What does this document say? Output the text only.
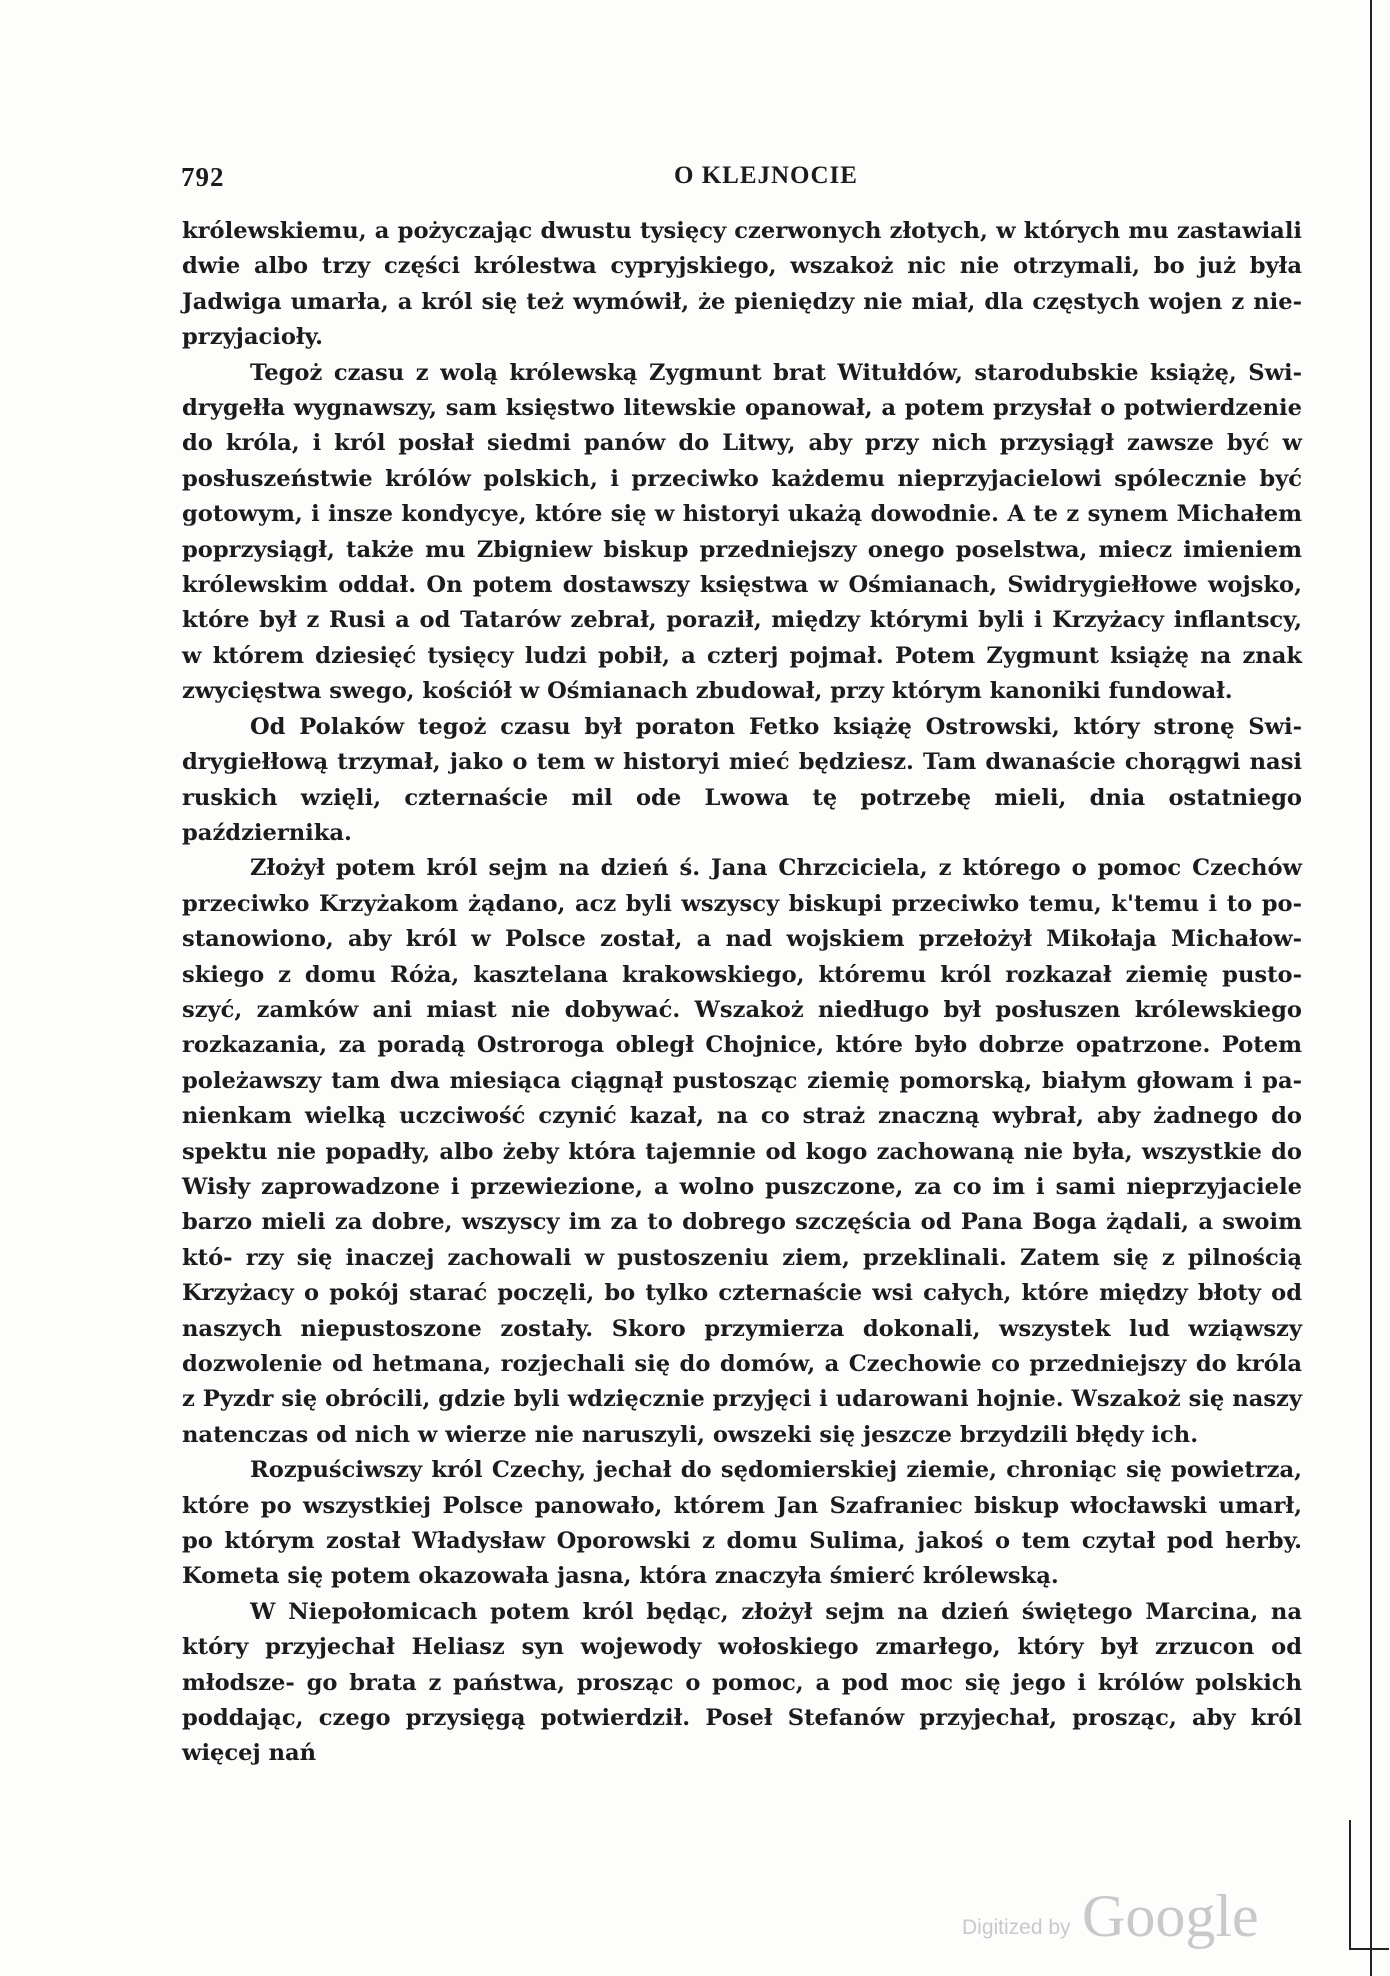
792	O KLEJNOCIE

królewskiemu, a pożyczając dwustu tysięcy czerwonych złotych, w których mu zastawiali dwie albo trzy części królestwa cypryjskiego, wszakoż nic nie otrzymali, bo już była Jadwiga umarła, a król się też wymówił, że pieniędzy nie miał, dla częstych wojen z nie- przyjacioły.

Tegoż czasu z wolą królewską Zygmunt brat Witułdów, starodubskie książę, Swi- drygełła wygnawszy, sam księstwo litewskie opanował, a potem przysłał o potwierdzenie do króla, i król posłał siedmi panów do Litwy, aby przy nich przysiągł zawsze być w posłuszeństwie królów polskich, i przeciwko każdemu nieprzyjacielowi spólecznie być gotowym, i insze kondycye, które się w historyi ukażą dowodnie. A te z synem Michałem poprzysiągł, także mu Zbigniew biskup przedniejszy onego poselstwa, miecz imieniem królewskim oddał. On potem dostawszy księstwa w Ośmianach, Swidrygiełłowe wojsko, które był z Rusi a od Tatarów zebrał, poraził, między którymi byli i Krzyżacy inflantscy, w którem dziesięć tysięcy ludzi pobił, a czterj pojmał. Potem Zygmunt książę na znak zwycięstwa swego, kościół w Ośmianach zbudował, przy którym kanoniki fundował.

Od Polaków tegoż czasu był poraton Fetko książę Ostrowski, który stronę Swi- drygiełłową trzymał, jako o tem w historyi mieć będziesz. Tam dwanaście chorągwi nasi ruskich wzięli, czternaście mil ode Lwowa tę potrzebę mieli, dnia ostatniego października.

Złożył potem król sejm na dzień ś. Jana Chrzciciela, z którego o pomoc Czechów przeciwko Krzyżakom żądano, acz byli wszyscy biskupi przeciwko temu, k'temu i to po- stanowiono, aby król w Polsce został, a nad wojskiem przełożył Mikołaja Michałow- skiego z domu Róża, kasztelana krakowskiego, któremu król rozkazał ziemię pusto- szyć, zamków ani miast nie dobywać. Wszakoż niedługo był posłuszen królewskiego rozkazania, za poradą Ostroroga obległ Chojnice, które było dobrze opatrzone. Potem poleżawszy tam dwa miesiąca ciągnął pustosząc ziemię pomorską, białym głowam i pa- nienkam wielką uczciwość czynić kazał, na co straż znaczną wybrał, aby żadnego do spektu nie popadły, albo żeby która tajemnie od kogo zachowaną nie była, wszystkie do Wisły zaprowadzone i przewiezione, a wolno puszczone, za co im i sami nieprzyjaciele barzo mieli za dobre, wszyscy im za to dobrego szczęścia od Pana Boga żądali, a swoim któ- rzy się inaczej zachowali w pustoszeniu ziem, przeklinali. Zatem się z pilnością Krzyżacy o pokój starać poczęli, bo tylko czternaście wsi całych, które między błoty od naszych niepustoszone zostały. Skoro przymierza dokonali, wszystek lud wziąwszy dozwolenie od hetmana, rozjechali się do domów, a Czechowie co przedniejszy do króla z Pyzdr się obrócili, gdzie byli wdzięcznie przyjęci i udarowani hojnie. Wszakoż się naszy natenczas od nich w wierze nie naruszyli, owszeki się jeszcze brzydzili błędy ich.

Rozpuściwszy król Czechy, jechał do sędomierskiej ziemie, chroniąc się powietrza, które po wszystkiej Polsce panowało, którem Jan Szafraniec biskup włocławski umarł, po którym został Władysław Oporowski z domu Sulima, jakoś o tem czytał pod herby. Kometa się potem okazowała jasna, która znaczyła śmierć królewską.

W Niepołomicach potem król będąc, złożył sejm na dzień świętego Marcina, na który przyjechał Heliasz syn wojewody wołoskiego zmarłego, który był zrzucon od młodsze- go brata z państwa, prosząc o pomoc, a pod moc się jego i królów polskich poddając, czego przysięgą potwierdził. Poseł Stefanów przyjechał, prosząc, aby król więcej nań

Digitized by Google
